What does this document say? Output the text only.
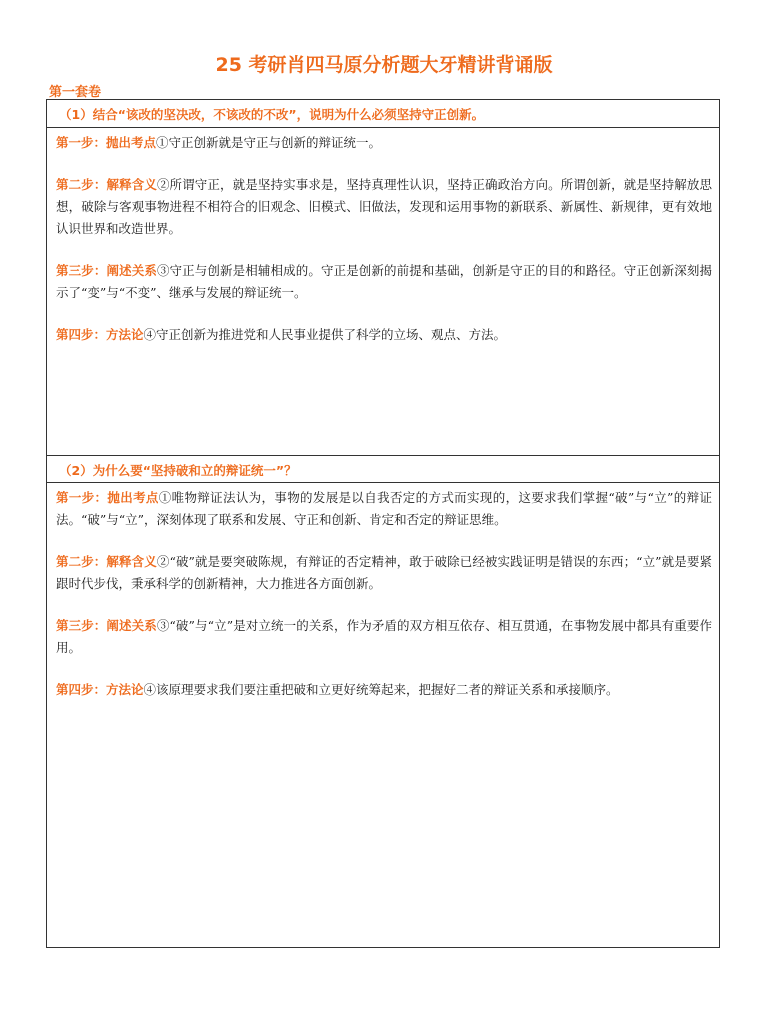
25 考研肖四马原分析题大牙精讲背诵版
第一套卷
（1）结合“该改的坚决改，不该改的不改”，说明为什么必须坚持守正创新。

第一步：抛出考点①守正创新就是守正与创新的辩证统一。

第二步：解释含义②所谓守正，就是坚持实事求是，坚持真理性认识，坚持正确政治方向。所谓创新，就是坚持解放思想，破除与客观事物进程不相符合的旧观念、旧模式、旧做法，发现和运用事物的新联系、新属性、新规律，更有效地认识世界和改造世界。

第三步：阐述关系③守正与创新是相辅相成的。守正是创新的前提和基础，创新是守正的目的和路径。守正创新深刻揭示了“变”与“不变”、继承与发展的辩证统一。

第四步：方法论④守正创新为推进党和人民事业提供了科学的立场、观点、方法。

（2）为什么要“坚持破和立的辩证统一”？

第一步：抛出考点①唯物辩证法认为，事物的发展是以自我否定的方式而实现的，这要求我们掌握“破”与“立”的辩证法。“破”与“立”，深刻体现了联系和发展、守正和创新、肯定和否定的辩证思维。

第二步：解释含义②“破”就是要突破陈规，有辩证的否定精神，敢于破除已经被实践证明是错误的东西；“立”就是要紧跟时代步伐，秉承科学的创新精神，大力推进各方面创新。

第三步：阐述关系③“破”与“立”是对立统一的关系，作为矛盾的双方相互依存、相互贯通，在事物发展中都具有重要作用。

第四步：方法论④该原理要求我们要注重把破和立更好统筹起来，把握好二者的辩证关系和承接顺序。
